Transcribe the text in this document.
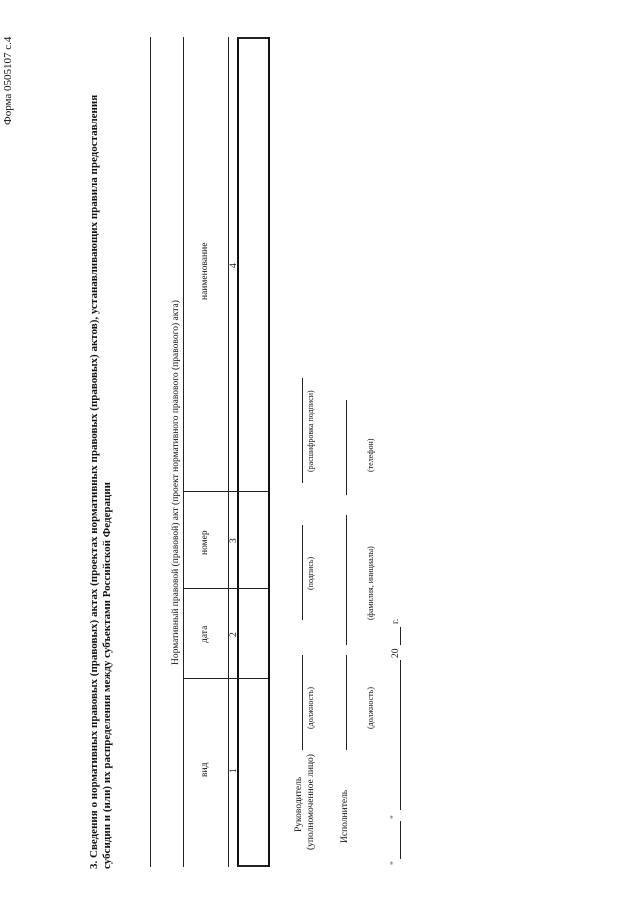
Форма 0505107 с.4
3. Сведения о нормативных правовых (правовых) актах (проектах нормативных правовых (правовых) актов), устанавливающих правила предоставления субсидии и (или) их распределения между субъектами Российской Федерации	Нормативный правовой (правовой) акт (проект нормативного правового (правового) акта)
вид
дата
номер
наименование
1
2
3
4
Руководитель (уполномоченное лицо)
(должность)
(подпись)
(расшифровка подписи)
Исполнитель
(должность)
(фамилия, инициалы)
(телефон)
"
"
20
г.
